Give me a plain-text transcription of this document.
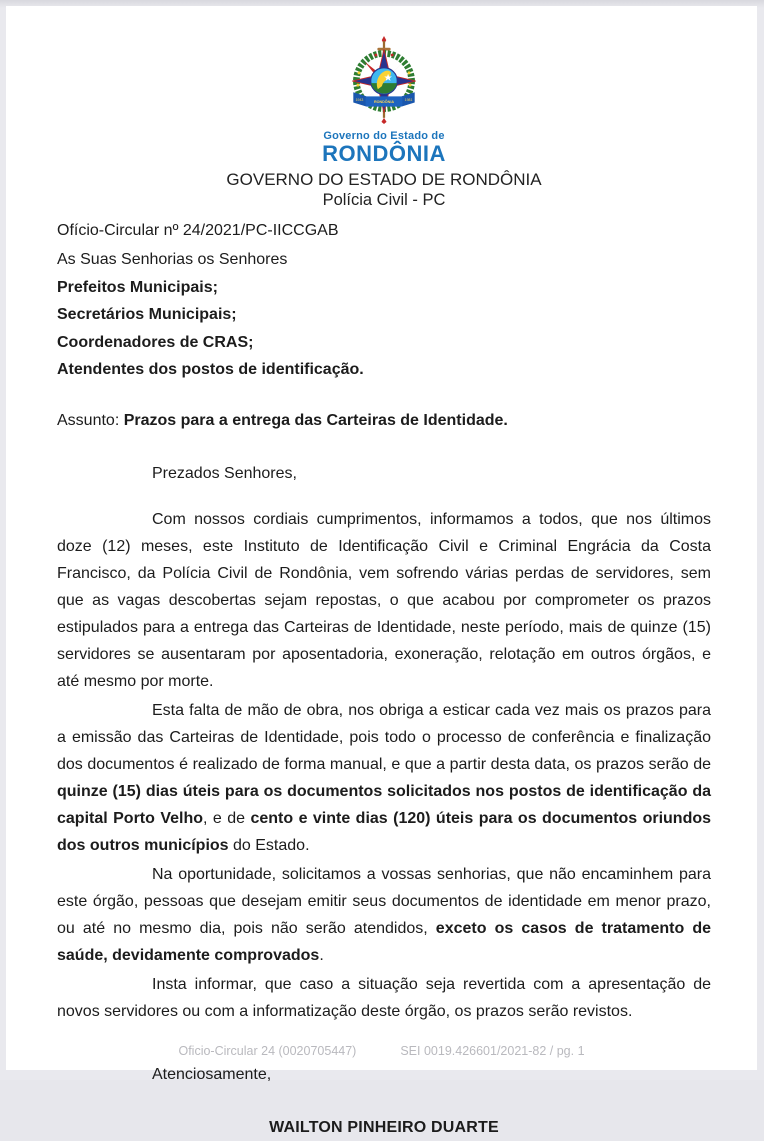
1943	RONDÔNIA	1981
Governo do Estado de
RONDÔNIA
GOVERNO DO ESTADO DE RONDÔNIA
Polícia Civil - PC
Ofício-Circular nº 24/2021/PC-IICCGAB
As Suas Senhorias os Senhores
Prefeitos Municipais;
Secretários Municipais;
Coordenadores de CRAS;
Atendentes dos postos de identificação.
Assunto: Prazos para a entrega das Carteiras de Identidade.
Prezados Senhores,

Com nossos cordiais cumprimentos, informamos a todos, que nos últimos doze (12) meses, este Instituto de Identificação Civil e Criminal Engrácia da Costa Francisco, da Polícia Civil de Rondônia, vem sofrendo várias perdas de servidores, sem que as vagas descobertas sejam repostas, o que acabou por comprometer os prazos estipulados para a entrega das Carteiras de Identidade, neste período, mais de quinze (15) servidores se ausentaram por aposentadoria, exoneração, relotação em outros órgãos, e até mesmo por morte.

Esta falta de mão de obra, nos obriga a esticar cada vez mais os prazos para a emissão das Carteiras de Identidade, pois todo o processo de conferência e finalização dos documentos é realizado de forma manual, e que a partir desta data, os prazos serão de quinze (15) dias úteis para os documentos solicitados nos postos de identificação da capital Porto Velho, e de cento e vinte dias (120) úteis para os documentos oriundos dos outros municípios do Estado.

Na oportunidade, solicitamos a vossas senhorias, que não encaminhem para este órgão, pessoas que desejam emitir seus documentos de identidade em menor prazo, ou até no mesmo dia, pois não serão atendidos, exceto os casos de tratamento de saúde, devidamente comprovados.

Insta informar, que caso a situação seja revertida com a apresentação de novos servidores ou com a informatização deste órgão, os prazos serão revistos.

Atenciosamente,
WAILTON PINHEIRO DUARTE
Oficio-Circular 24 (0020705447)	SEI 0019.426601/2021-82 / pg. 1
